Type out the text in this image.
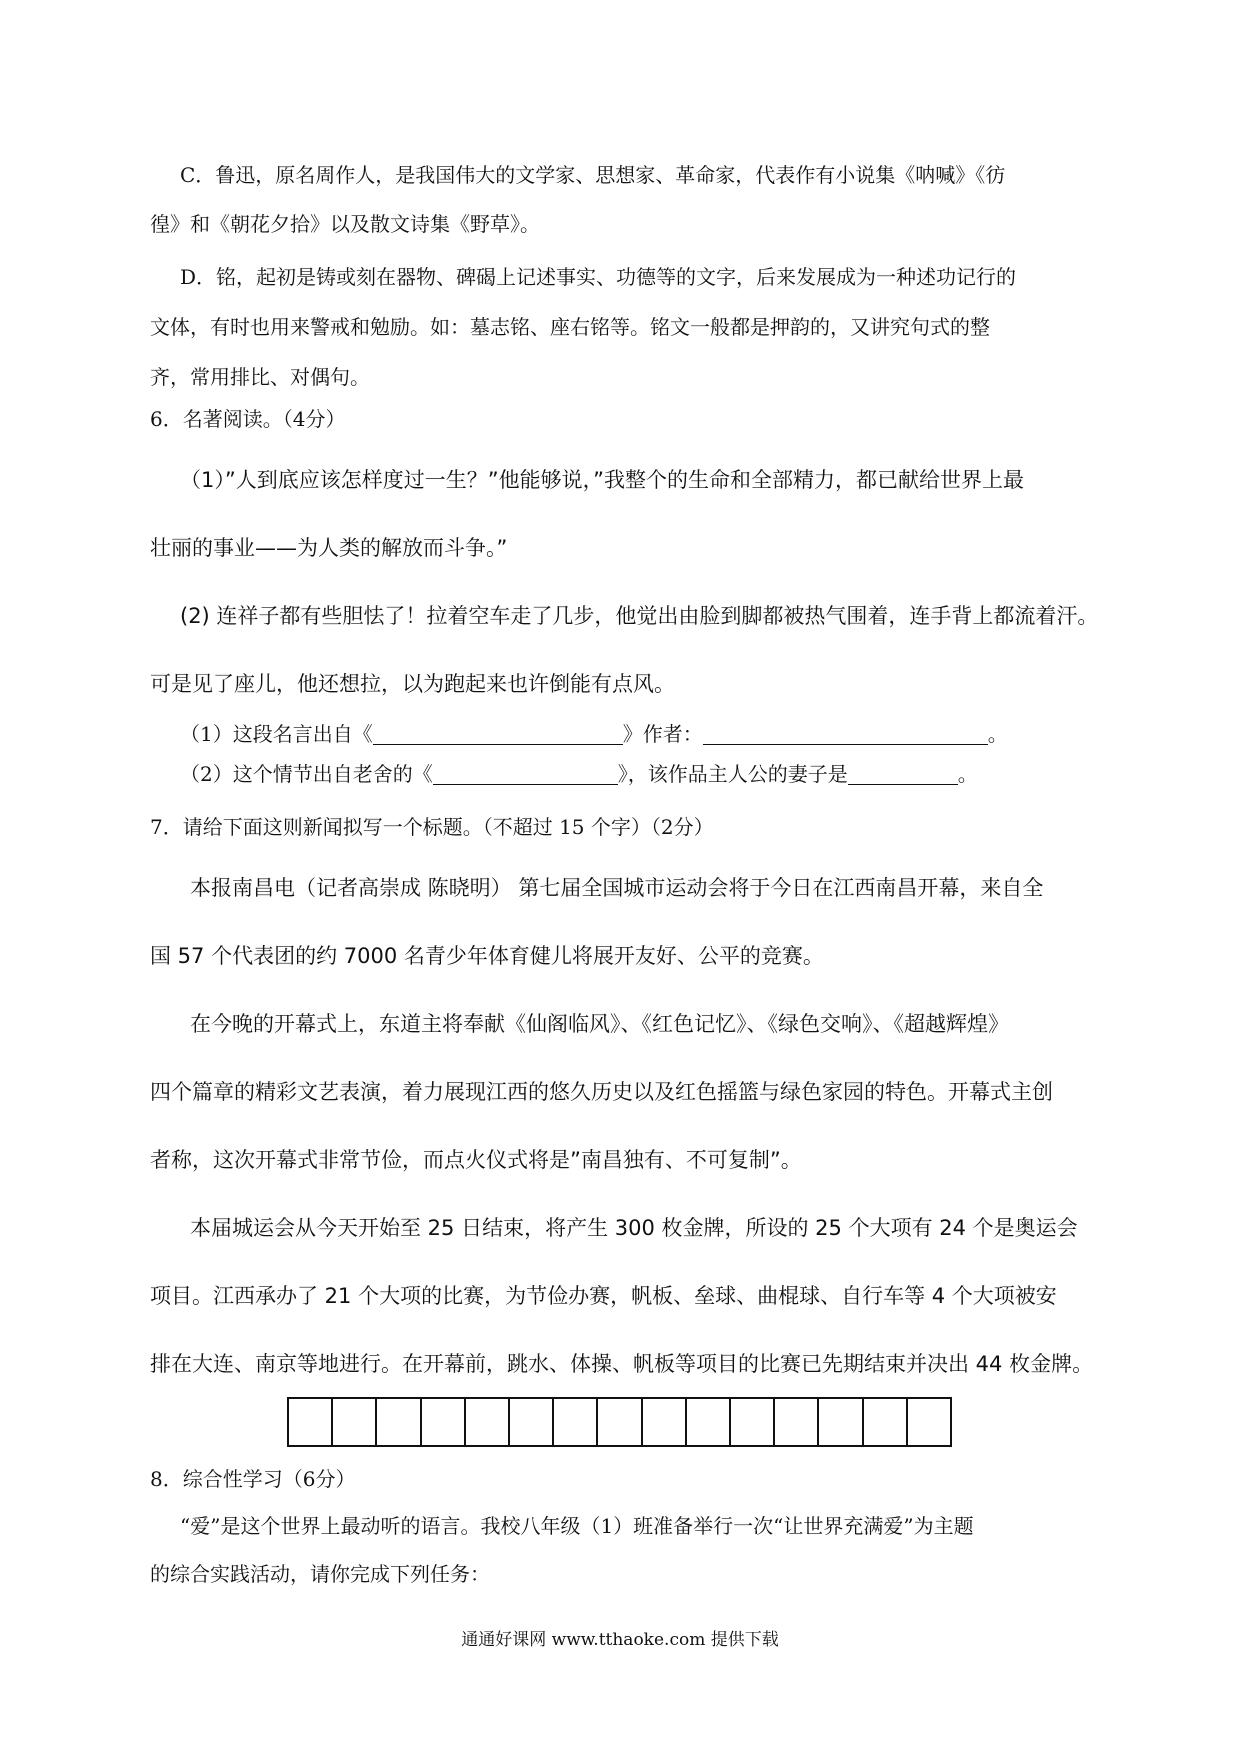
C．鲁迅，原名周作人，是我国伟大的文学家、思想家、革命家，代表作有小说集《呐喊》《彷
徨》和《朝花夕拾》以及散文诗集《野草》。
D．铭，起初是铸或刻在器物、碑碣上记述事实、功德等的文字，后来发展成为一种述功记行的
文体，有时也用来警戒和勉励。如：墓志铭、座右铭等。铭文一般都是押韵的，又讲究句式的整
齐，常用排比、对偶句。
6．名著阅读。（4分）
（1）”人到底应该怎样度过一生？”他能够说，”我整个的生命和全部精力，都已献给世界上最
壮丽的事业——为人类的解放而斗争。”
(2) 连祥子都有些胆怯了！拉着空车走了几步，他觉出由脸到脚都被热气围着，连手背上都流着汗。
可是见了座儿，他还想拉，以为跑起来也许倒能有点风。
（1）这段名言出自《	》作者：	。
（2）这个情节出自老舍的《	》，该作品主人公的妻子是	。
7．请给下面这则新闻拟写一个标题。（不超过 15 个字）（2分）
本报南昌电（记者高崇成 陈晓明） 第七届全国城市运动会将于今日在江西南昌开幕，来自全
国 57 个代表团的约 7000 名青少年体育健儿将展开友好、公平的竞赛。
在今晚的开幕式上，东道主将奉献《仙阁临风》、《红色记忆》、《绿色交响》、《超越辉煌》
四个篇章的精彩文艺表演，着力展现江西的悠久历史以及红色摇篮与绿色家园的特色。开幕式主创
者称，这次开幕式非常节俭，而点火仪式将是”南昌独有、不可复制”。
本届城运会从今天开始至 25 日结束，将产生 300 枚金牌，所设的 25 个大项有 24 个是奥运会
项目。江西承办了 21 个大项的比赛，为节俭办赛，帆板、垒球、曲棍球、自行车等 4 个大项被安
排在大连、南京等地进行。在开幕前，跳水、体操、帆板等项目的比赛已先期结束并决出 44 枚金牌。
8．综合性学习（6分）
“爱”是这个世界上最动听的语言。我校八年级（1）班准备举行一次“让世界充满爱”为主题
的综合实践活动，请你完成下列任务：
通通好课网 www.tthaoke.com 提供下载
